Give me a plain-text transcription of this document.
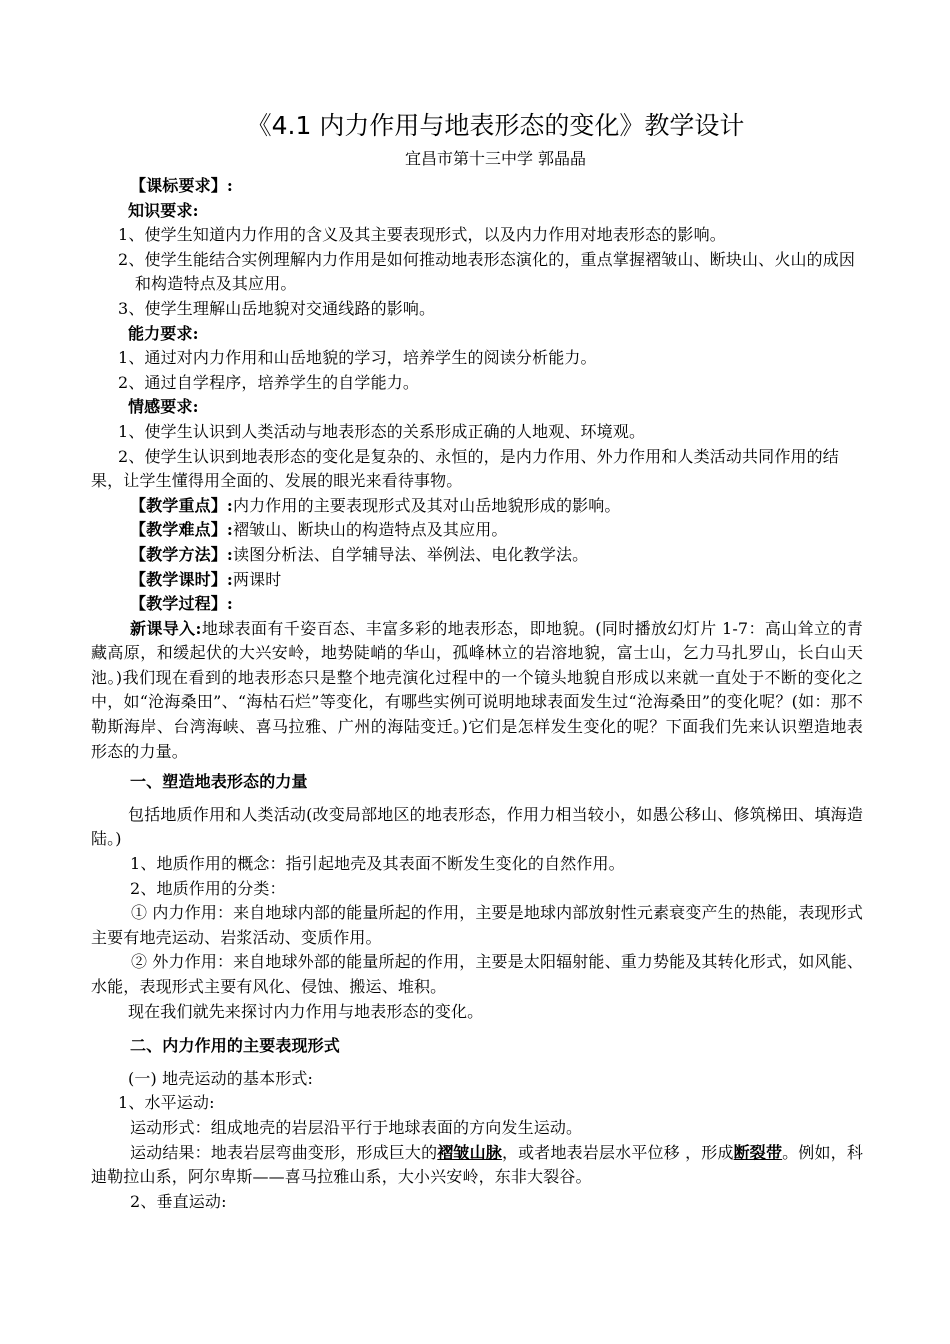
《4.1 内力作用与地表形态的变化》教学设计
宜昌市第十三中学 郭晶晶
【课标要求】:
知识要求:
1、使学生知道内力作用的含义及其主要表现形式，以及内力作用对地表形态的影响。
2、使学生能结合实例理解内力作用是如何推动地表形态演化的，重点掌握褶皱山、断块山、火山的成因和构造特点及其应用。
3、使学生理解山岳地貌对交通线路的影响。
能力要求:
1、通过对内力作用和山岳地貌的学习，培养学生的阅读分析能力。
2、通过自学程序，培养学生的自学能力。
情感要求:
1、使学生认识到人类活动与地表形态的关系形成正确的人地观、环境观。
2、使学生认识到地表形态的变化是复杂的、永恒的，是内力作用、外力作用和人类活动共同作用的结果，让学生懂得用全面的、发展的眼光来看待事物。
【教学重点】:内力作用的主要表现形式及其对山岳地貌形成的影响。
【教学难点】:褶皱山、断块山的构造特点及其应用。
【教学方法】:读图分析法、自学辅导法、举例法、电化教学法。
【教学课时】:两课时
【教学过程】:
新课导入:地球表面有千姿百态、丰富多彩的地表形态，即地貌。(同时播放幻灯片 1-7：高山耸立的青藏高原，和缓起伏的大兴安岭，地势陡峭的华山，孤峰林立的岩溶地貌，富士山，乞力马扎罗山，长白山天池。)我们现在看到的地表形态只是整个地壳演化过程中的一个镜头地貌自形成以来就一直处于不断的变化之中，如“沧海桑田”、“海枯石烂”等变化，有哪些实例可说明地球表面发生过“沧海桑田”的变化呢？(如：那不勒斯海岸、台湾海峡、喜马拉雅、广州的海陆变迁。)它们是怎样发生变化的呢？下面我们先来认识塑造地表形态的力量。
一、塑造地表形态的力量
包括地质作用和人类活动(改变局部地区的地表形态，作用力相当较小，如愚公移山、修筑梯田、填海造陆。)
1、地质作用的概念：指引起地壳及其表面不断发生变化的自然作用。
2、地质作用的分类：
① 内力作用：来自地球内部的能量所起的作用，主要是地球内部放射性元素衰变产生的热能，表现形式主要有地壳运动、岩浆活动、变质作用。
② 外力作用：来自地球外部的能量所起的作用，主要是太阳辐射能、重力势能及其转化形式，如风能、水能，表现形式主要有风化、侵蚀、搬运、堆积。
现在我们就先来探讨内力作用与地表形态的变化。
二、内力作用的主要表现形式
(一) 地壳运动的基本形式:
1、水平运动:
运动形式：组成地壳的岩层沿平行于地球表面的方向发生运动。
运动结果：地表岩层弯曲变形，形成巨大的褶皱山脉，或者地表岩层水平位移 ，形成断裂带。例如，科迪勒拉山系，阿尔卑斯——喜马拉雅山系，大小兴安岭，东非大裂谷。
2、垂直运动:
